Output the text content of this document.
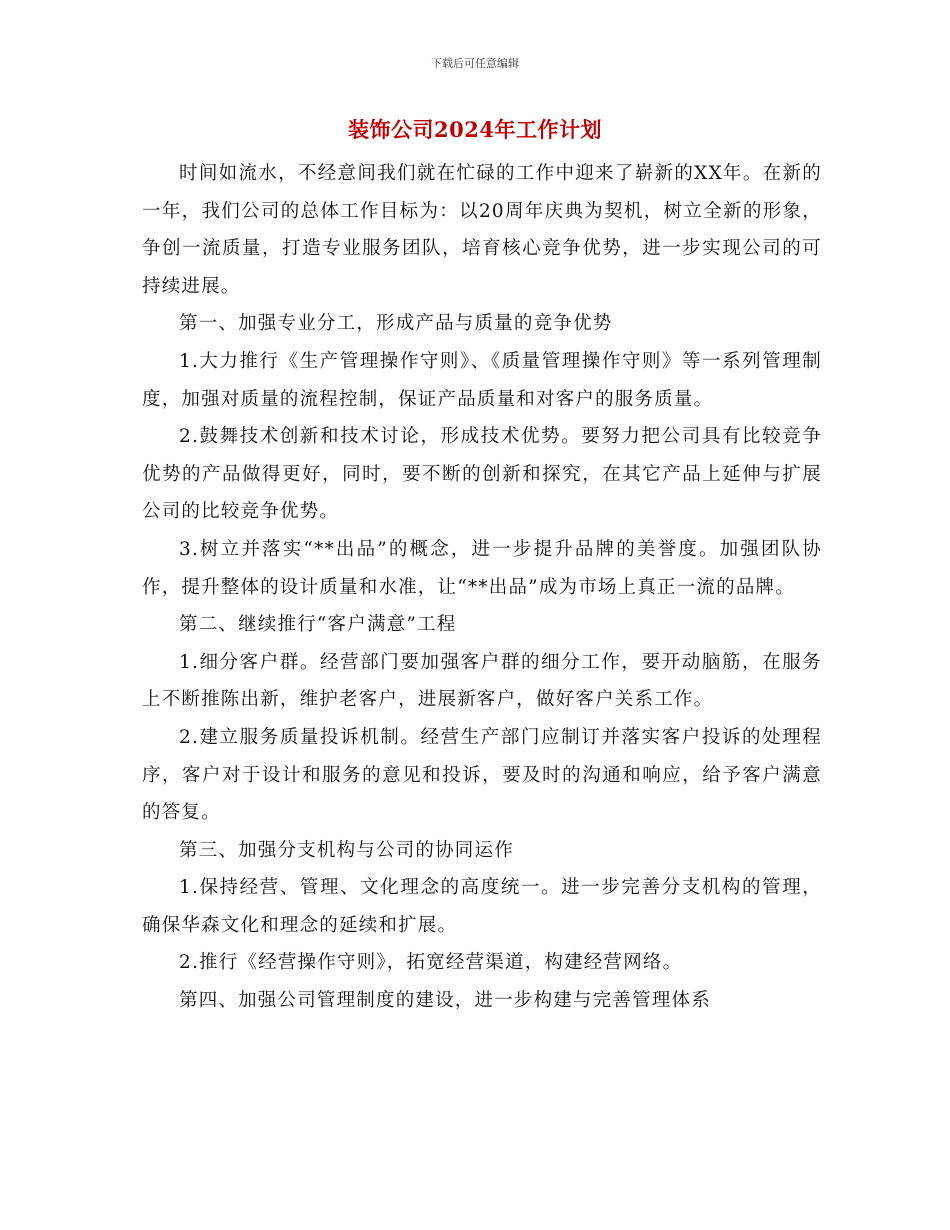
下载后可任意编辑
装饰公司2024年工作计划

时间如流水，不经意间我们就在忙碌的工作中迎来了崭新的XX年。在新的一年，我们公司的总体工作目标为：以20周年庆典为契机，树立全新的形象，争创一流质量，打造专业服务团队，培育核心竞争优势，进一步实现公司的可持续进展。

第一、加强专业分工，形成产品与质量的竞争优势

1.大力推行《生产管理操作守则》、《质量管理操作守则》等一系列管理制度，加强对质量的流程控制，保证产品质量和对客户的服务质量。

2.鼓舞技术创新和技术讨论，形成技术优势。要努力把公司具有比较竞争优势的产品做得更好，同时，要不断的创新和探究，在其它产品上延伸与扩展公司的比较竞争优势。

3.树立并落实“**出品”的概念，进一步提升品牌的美誉度。加强团队协作，提升整体的设计质量和水准，让“**出品”成为市场上真正一流的品牌。

第二、继续推行“客户满意”工程

1.细分客户群。经营部门要加强客户群的细分工作，要开动脑筋，在服务上不断推陈出新，维护老客户，进展新客户，做好客户关系工作。

2.建立服务质量投诉机制。经营生产部门应制订并落实客户投诉的处理程序，客户对于设计和服务的意见和投诉，要及时的沟通和响应，给予客户满意的答复。

第三、加强分支机构与公司的协同运作

1.保持经营、管理、文化理念的高度统一。进一步完善分支机构的管理，确保华森文化和理念的延续和扩展。

2.推行《经营操作守则》，拓宽经营渠道，构建经营网络。

第四、加强公司管理制度的建设，进一步构建与完善管理体系
